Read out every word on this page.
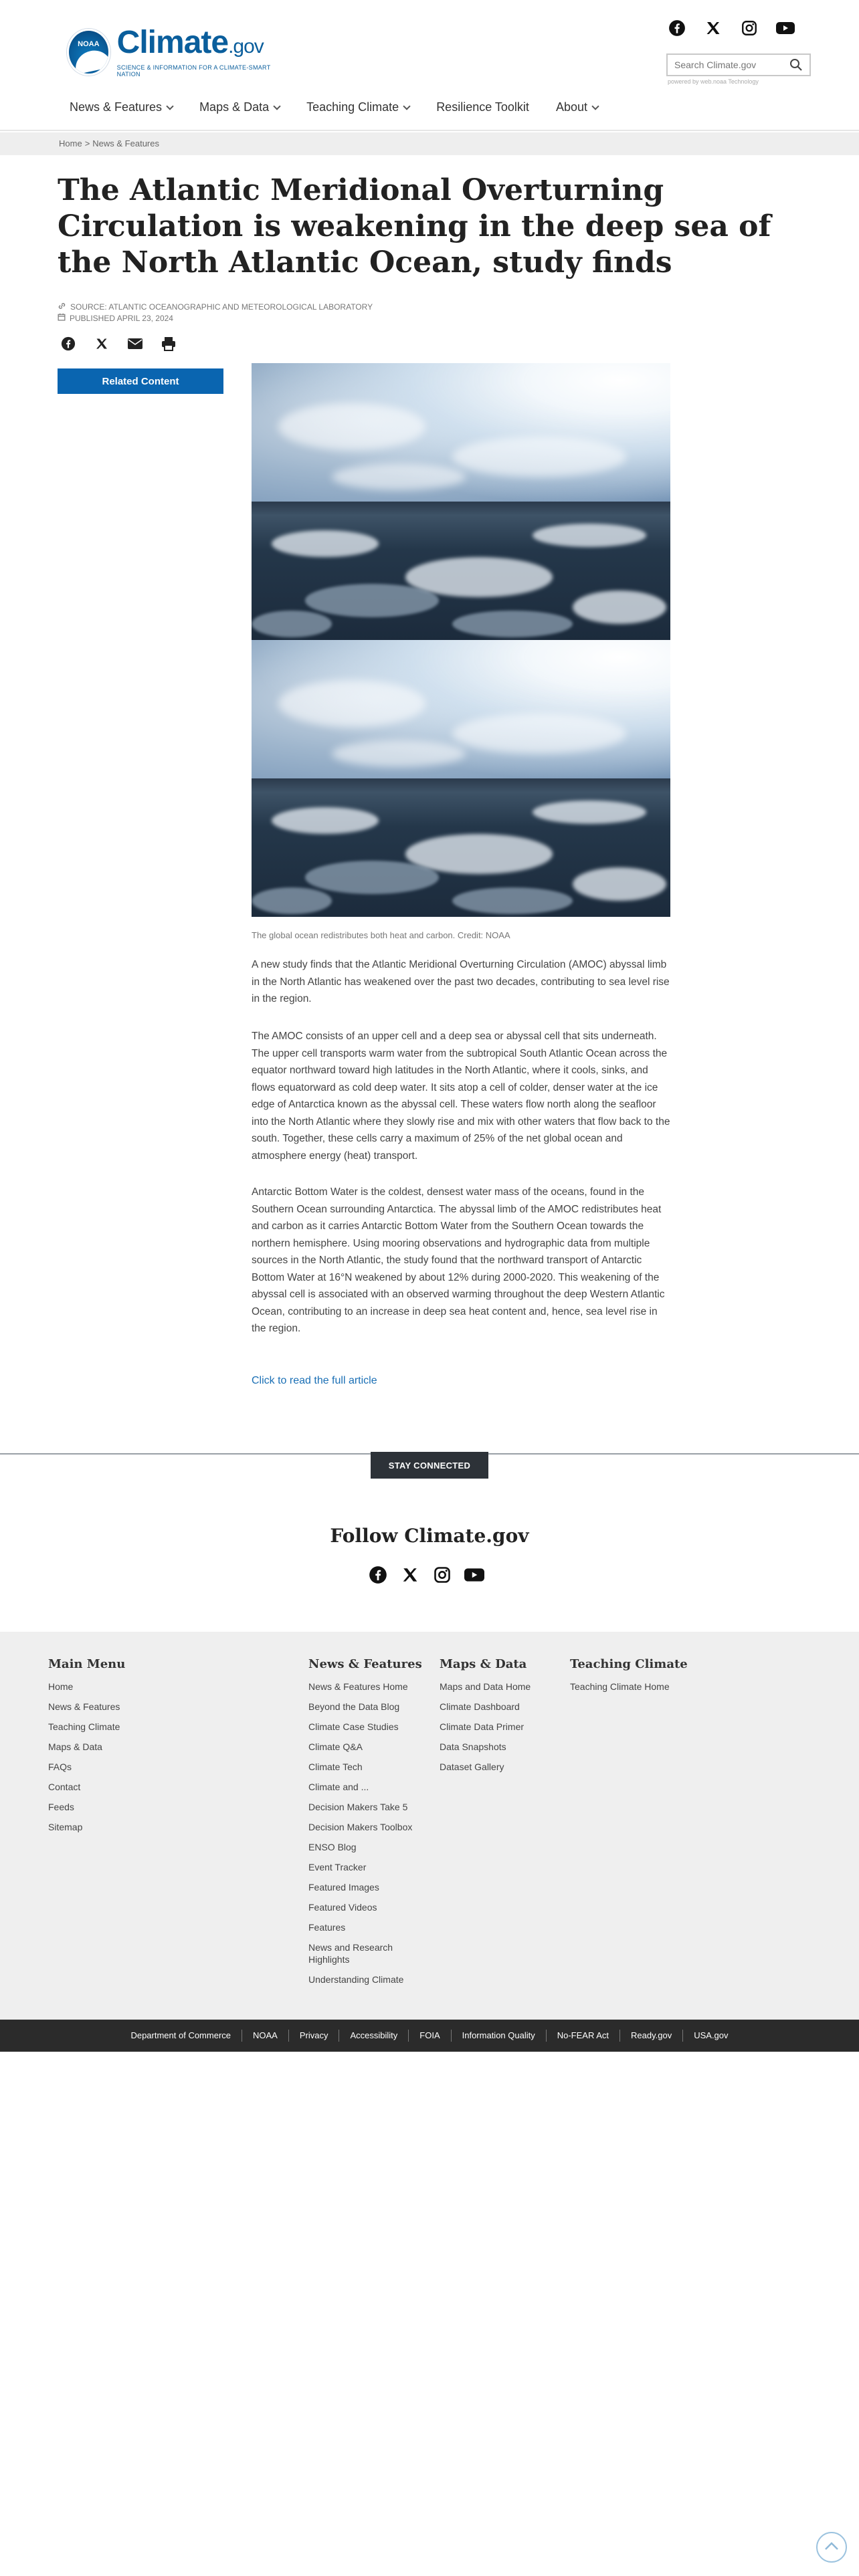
NOAA Climate.gov
SCIENCE & INFORMATION FOR A CLIMATE-SMART NATION
Search Climate.gov
powered by web.noaa Technology
News & Features	Maps & Data	Teaching Climate	Resilience Toolkit About
Home > News & Features
The Atlantic Meridional Overturning Circulation is weakening in the deep sea of the North Atlantic Ocean, study finds
SOURCE: ATLANTIC OCEANOGRAPHIC AND METEOROLOGICAL LABORATORY
PUBLISHED APRIL 23, 2024
Related Content
The global ocean redistributes both heat and carbon. Credit: NOAA

A new study finds that the Atlantic Meridional Overturning Circulation (AMOC) abyssal limb in the North Atlantic has weakened over the past two decades, contributing to sea level rise in the region.

The AMOC consists of an upper cell and a deep sea or abyssal cell that sits underneath. The upper cell transports warm water from the subtropical South Atlantic Ocean across the equator northward toward high latitudes in the North Atlantic, where it cools, sinks, and flows equatorward as cold deep water. It sits atop a cell of colder, denser water at the ice edge of Antarctica known as the abyssal cell. These waters flow north along the seafloor into the North Atlantic where they slowly rise and mix with other waters that flow back to the south. Together, these cells carry a maximum of 25% of the net global ocean and atmosphere energy (heat) transport.

Antarctic Bottom Water is the coldest, densest water mass of the oceans, found in the Southern Ocean surrounding Antarctica. The abyssal limb of the AMOC redistributes heat and carbon as it carries Antarctic Bottom Water from the Southern Ocean towards the northern hemisphere. Using mooring observations and hydrographic data from multiple sources in the North Atlantic, the study found that the northward transport of Antarctic Bottom Water at 16°N weakened by about 12% during 2000-2020. This weakening of the abyssal cell is associated with an observed warming throughout the deep Western Atlantic Ocean, contributing to an increase in deep sea heat content and, hence, sea level rise in the region.

Click to read the full article
STAY CONNECTED
Follow Climate.gov
Main Menu
Home
News & Features
Teaching Climate
Maps & Data
FAQs
Contact
Feeds
Sitemap
News & Features
News & Features Home
Beyond the Data Blog
Climate Case Studies
Climate Q&A
Climate Tech
Climate and ...
Decision Makers Take 5
Decision Makers Toolbox
ENSO Blog
Event Tracker
Featured Images
Featured Videos
Features
News and Research Highlights
Understanding Climate
Maps & Data
Maps and Data Home
Climate Dashboard
Climate Data Primer
Data Snapshots
Dataset Gallery
Teaching Climate
Teaching Climate Home
Department of Commerce	NOAA	Privacy	Accessibility	FOIA	Information Quality	No-FEAR Act	Ready.gov	USA.gov
